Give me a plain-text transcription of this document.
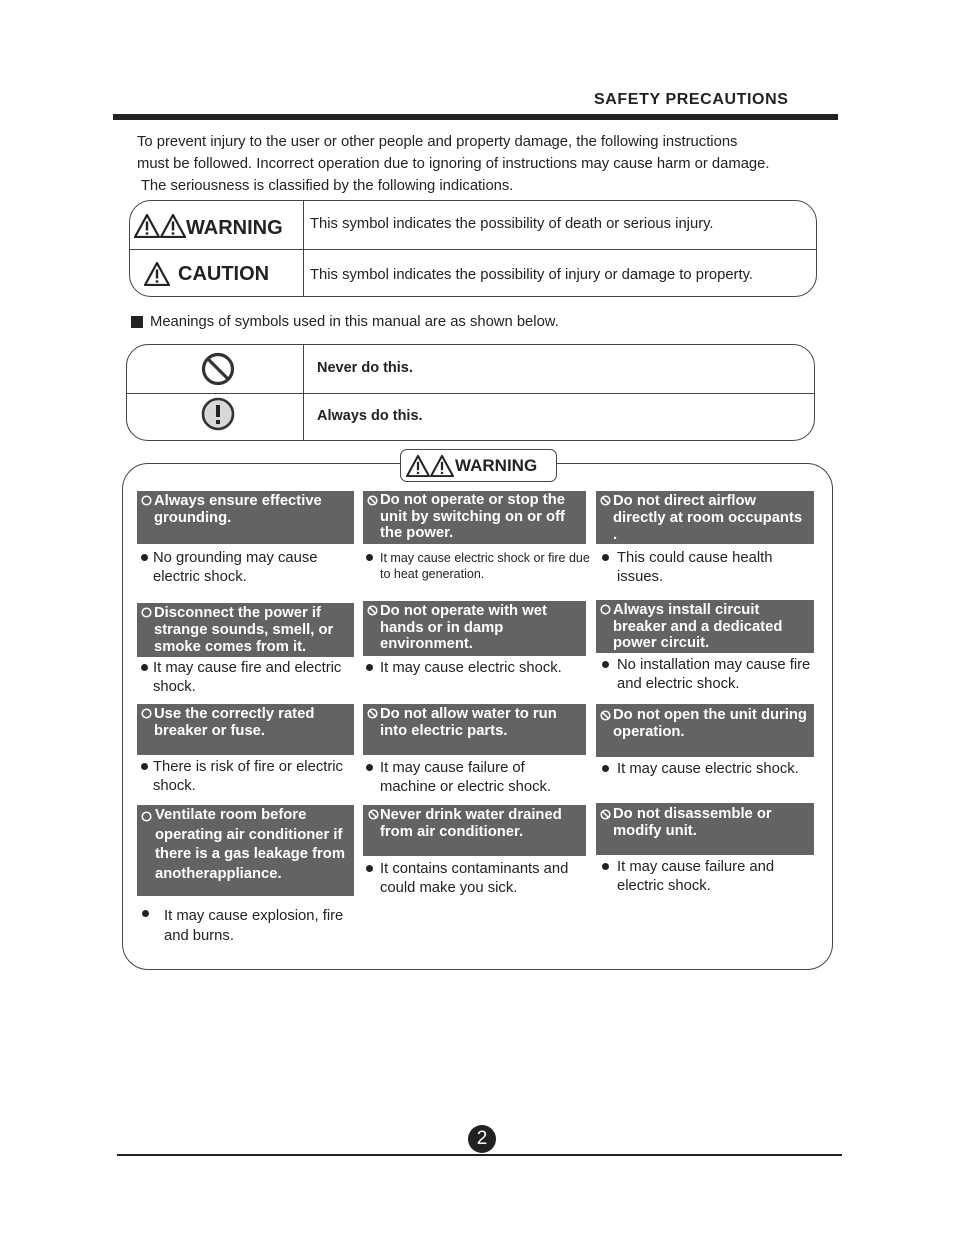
SAFETY PRECAUTIONS
To prevent injury to the user or other people and property damage, the following instructions
must be followed. Incorrect operation due to ignoring of instructions may cause harm or damage.
The seriousness is classified by the following indications.
WARNING This symbol indicates the possibility of death or serious injury.
CAUTION	This symbol indicates the possibility of injury or damage to property.
Meanings of symbols used in this manual are as shown below.
Never do this.
Always do this.
WARNING
Always ensure effective grounding.
No grounding may cause electric shock.
Do not operate or stop the unit by switching on or off the power.
It may cause electric shock or fire due to heat generation.
Do not direct airflow directly at room occupants .
This could cause health issues.
Disconnect the power if strange sounds, smell, or smoke comes from it.
It may cause fire and electric shock.
Do not operate with wet hands or in damp environment.
It may cause electric shock.
Always install circuit breaker and a dedicated power circuit.
No installation may cause fire and electric shock.
Use the correctly rated breaker or fuse.
There is risk of fire or electric shock.
Do not allow water to run into electric parts.
It may cause failure of machine or electric shock.
Do not open the unit during operation.
It may cause electric shock.
Ventilate room before operating air conditioner if there is a gas leakage from anotherappliance.
It may cause explosion, fire and burns.
Never drink water drained from air conditioner.
It contains contaminants and could make you sick.
Do not disassemble or modify unit.
It may cause failure and electric shock.
2
